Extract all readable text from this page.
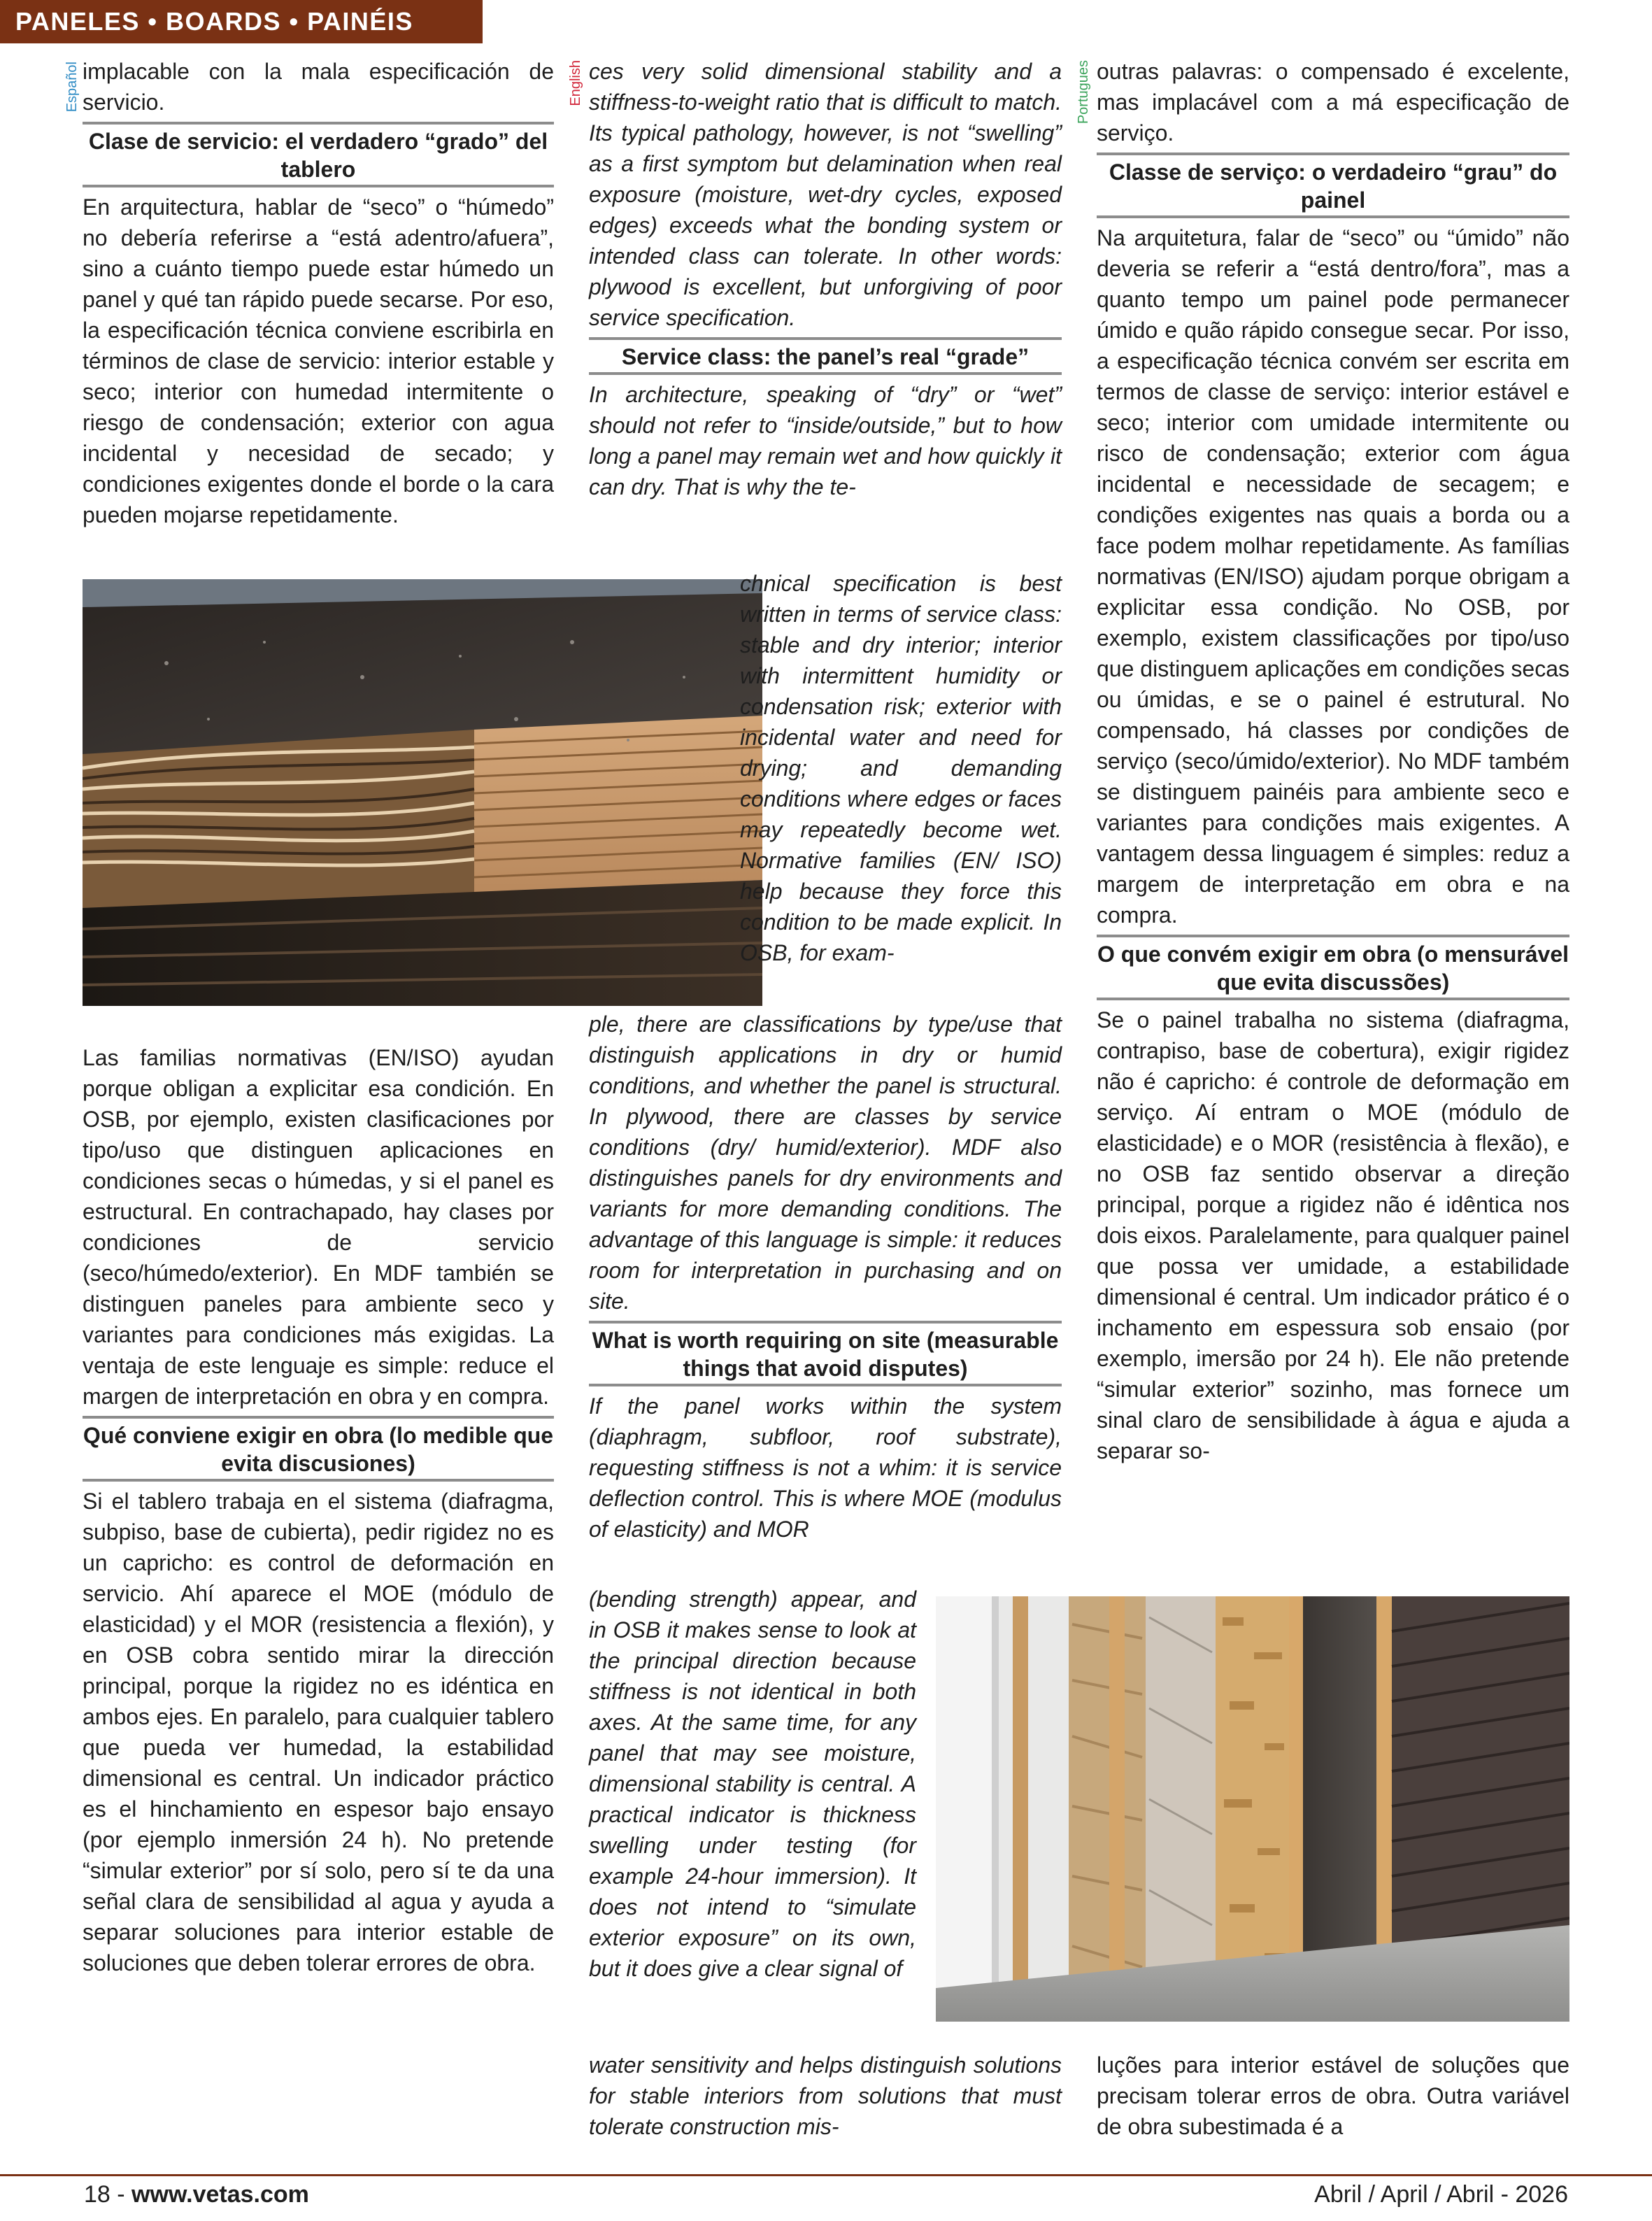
PANELES • BOARDS • PAINÉIS
Español	English	Portugues

implacable con la mala especificación de servicio.

Clase de servicio: el verdadero “grado” del tablero

En arquitectura, hablar de “seco” o “húmedo” no debería referirse a “está adentro/afuera”, sino a cuánto tiempo puede estar húmedo un panel y qué tan rápido puede secarse. Por eso, la especificación técnica conviene escribirla en términos de clase de servicio: interior estable y seco; interior con humedad intermitente o riesgo de condensación; exterior con agua incidental y necesidad de secado; y condiciones exigentes donde el borde o la cara pueden mojarse repetidamente.

Las familias normativas (EN/ISO) ayudan porque obligan a explicitar esa condición. En OSB, por ejemplo, existen clasificaciones por tipo/uso que distinguen aplicaciones en condiciones secas o húmedas, y si el panel es estructural. En contrachapado, hay clases por condiciones de servicio (seco/húmedo/exterior). En MDF también se distinguen paneles para ambiente seco y variantes para condiciones más exigidas. La ventaja de este lenguaje es simple: reduce el margen de interpretación en obra y en compra.

Qué conviene exigir en obra (lo medible que evita discusiones)

Si el tablero trabaja en el sistema (diafragma, subpiso, base de cubierta), pedir rigidez no es un capricho: es control de deformación en servicio. Ahí aparece el MOE (módulo de elasticidad) y el MOR (resistencia a flexión), y en OSB cobra sentido mirar la dirección principal, porque la rigidez no es idéntica en ambos ejes. En paralelo, para cualquier tablero que pueda ver humedad, la estabilidad dimensional es central. Un indicador práctico es el hinchamiento en espesor bajo ensayo (por ejemplo inmersión 24 h). No pretende “simular exterior” por sí solo, pero sí te da una señal clara de sensibilidad al agua y ayuda a separar soluciones para interior estable de soluciones que deben tolerar errores de obra.

ces very solid dimensional stability and a stiffness-to-weight ratio that is difficult to match. Its typical pathology, however, is not “swelling” as a first symptom but delamination when real exposure (moisture, wet-dry cycles, exposed edges) exceeds what the bonding system or intended class can tolerate. In other words: plywood is excellent, but unforgiving of poor service specification.

Service class: the panel’s real “grade”

In architecture, speaking of “dry” or “wet” should not refer to “inside/outside,” but to how long a panel may remain wet and how quickly it can dry. That is why the te-

chnical specification is best written in terms of service class: stable and dry interior; interior with intermittent humidity or condensation risk; exterior with incidental water and need for drying; and demanding conditions where edges or faces may repeatedly become wet. Normative families (EN/ ISO) help because they force this condition to be made explicit. In OSB, for exam-

ple, there are classifications by type/use that distinguish applications in dry or humid conditions, and whether the panel is structural. In plywood, there are classes by service conditions (dry/ humid/exterior). MDF also distinguishes panels for dry environments and variants for more demanding conditions. The advantage of this language is simple: it reduces room for interpretation in purchasing and on site.

What is worth requiring on site (measurable things that avoid disputes)

If the panel works within the system (diaphragm, subfloor, roof substrate), requesting stiffness is not a whim: it is service deflection control. This is where MOE (modulus of elasticity) and MOR

(bending strength) appear, and in OSB it makes sense to look at the principal direction because stiffness is not identical in both axes. At the same time, for any panel that may see moisture, dimensional stability is central. A practical indicator is thickness swelling under testing (for example 24-hour immersion). It does not intend to “simulate exterior exposure” on its own, but it does give a clear signal of

water sensitivity and helps distinguish solutions for stable interiors from solutions that must tolerate construction mis-

outras palavras: o compensado é excelente, mas implacável com a má especificação de serviço.

Classe de serviço: o verdadeiro “grau” do painel

Na arquitetura, falar de “seco” ou “úmido” não deveria se referir a “está dentro/fora”, mas a quanto tempo um painel pode permanecer úmido e quão rápido consegue secar. Por isso, a especificação técnica convém ser escrita em termos de classe de serviço: interior estável e seco; interior com umidade intermitente ou risco de condensação; exterior com água incidental e necessidade de secagem; e condições exigentes nas quais a borda ou a face podem molhar repetidamente. As famílias normativas (EN/ISO) ajudam porque obrigam a explicitar essa condição. No OSB, por exemplo, existem classificações por tipo/uso que distinguem aplicações em condições secas ou úmidas, e se o painel é estrutural. No compensado, há classes por condições de serviço (seco/úmido/exterior). No MDF também se distinguem painéis para ambiente seco e variantes para condições mais exigentes. A vantagem dessa linguagem é simples: reduz a margem de interpretação em obra e na compra.

O que convém exigir em obra (o mensurável que evita discussões)

Se o painel trabalha no sistema (diafragma, contrapiso, base de cobertura), exigir rigidez não é capricho: é controle de deformação em serviço. Aí entram o MOE (módulo de elasticidade) e o MOR (resistência à flexão), e no OSB faz sentido observar a direção principal, porque a rigidez não é idêntica nos dois eixos. Paralelamente, para qualquer painel que possa ver umidade, a estabilidade dimensional é central. Um indicador prático é o inchamento em espessura sob ensaio (por exemplo, imersão por 24 h). Ele não pretende “simular exterior” sozinho, mas fornece um sinal claro de sensibilidade à água e ajuda a separar so-

luções para interior estável de soluções que precisam tolerar erros de obra. Outra variável de obra subestimada é a

18 - www.vetas.com	Abril / April / Abril - 2026
